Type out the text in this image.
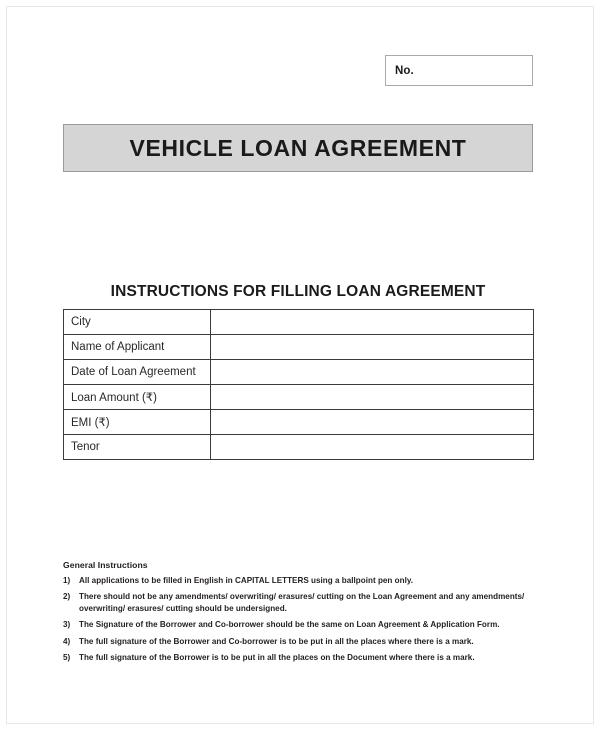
No.
VEHICLE LOAN AGREEMENT
INSTRUCTIONS FOR FILLING LOAN AGREEMENT
City	
Name of Applicant	
Date of Loan Agreement	
Loan Amount (₹)	
EMI (₹)	
Tenor	
General Instructions
1) All applications to be filled in English in CAPITAL LETTERS using a ballpoint pen only.
2) There should not be any amendments/ overwriting/ erasures/ cutting on the Loan Agreement and any amendments/ overwriting/ erasures/ cutting should be undersigned.
3) The Signature of the Borrower and Co-borrower should be the same on Loan Agreement & Application Form.
4) The full signature of the Borrower and Co-borrower is to be put in all the places where there is a mark.
5) The full signature of the Borrower is to be put in all the places on the Document where there is a mark.
